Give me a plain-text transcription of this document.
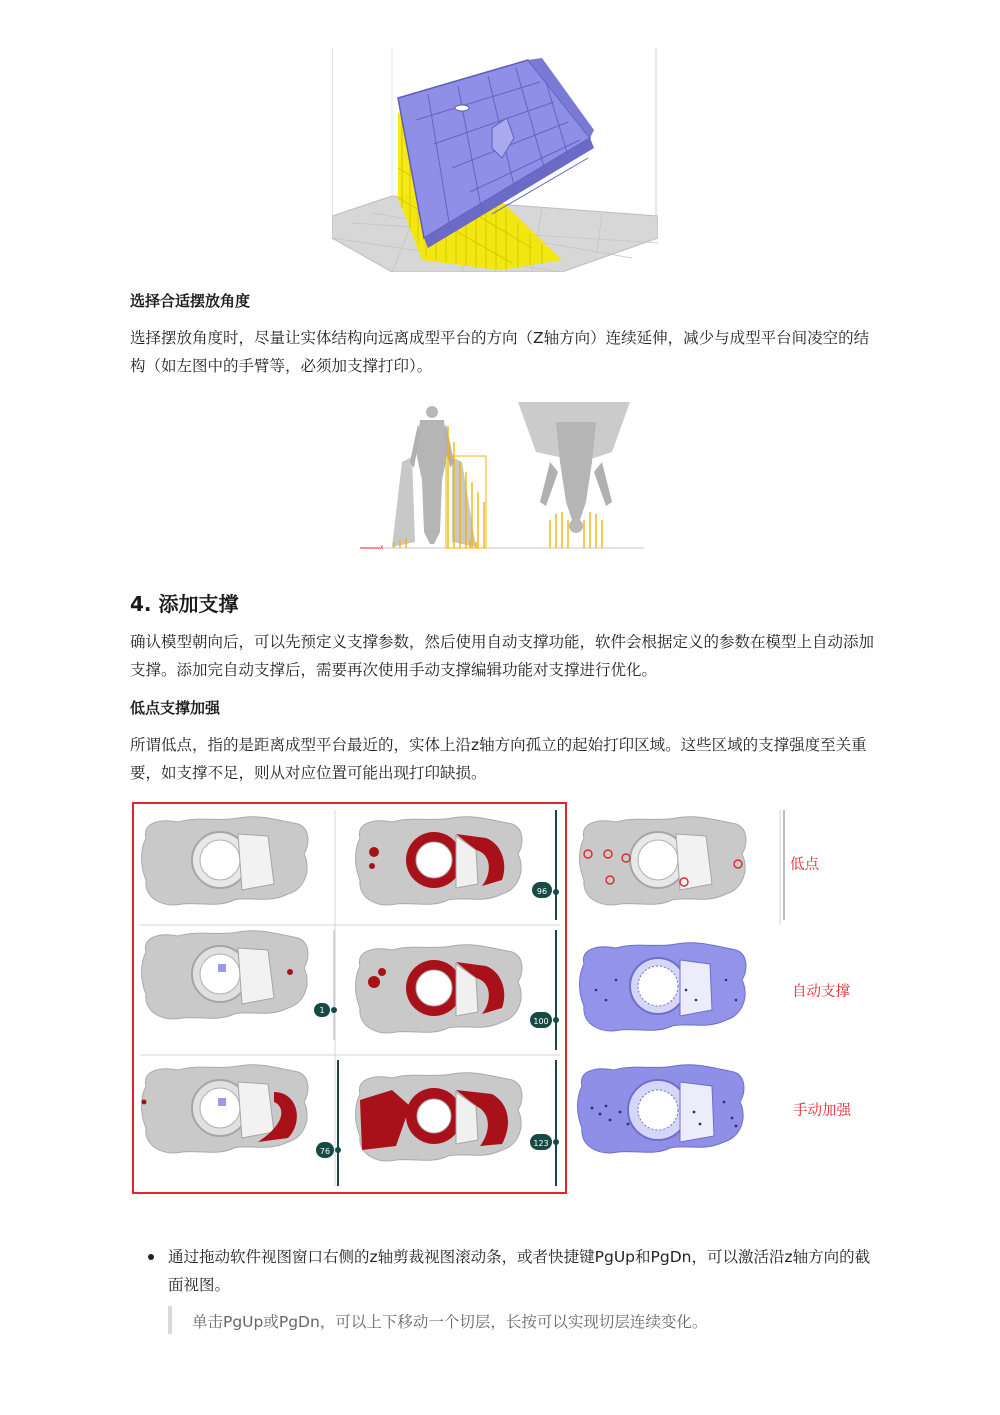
选择合适摆放角度
选择摆放角度时，尽量让实体结构向远离成型平台的方向（Z轴方向）连续延伸，减少与成型平台间凌空的结构（如左图中的手臂等，必须加支撑打印）。
x
4. 添加支撑
确认模型朝向后，可以先预定义支撑参数，然后使用自动支撑功能，软件会根据定义的参数在模型上自动添加支撑。添加完自动支撑后，需要再次使用手动支撑编辑功能对支撑进行优化。
低点支撑加强
所谓低点，指的是距离成型平台最近的，实体上沿z轴方向孤立的起始打印区域。这些区域的支撑强度至关重要，如支撑不足，则从对应位置可能出现打印缺损。
96
1
100
76
123
低点
自动支撑
手动加强
通过拖动软件视图窗口右侧的z轴剪裁视图滚动条，或者快捷键PgUp和PgDn，可以激活沿z轴方向的截面视图。
单击PgUp或PgDn，可以上下移动一个切层，长按可以实现切层连续变化。
